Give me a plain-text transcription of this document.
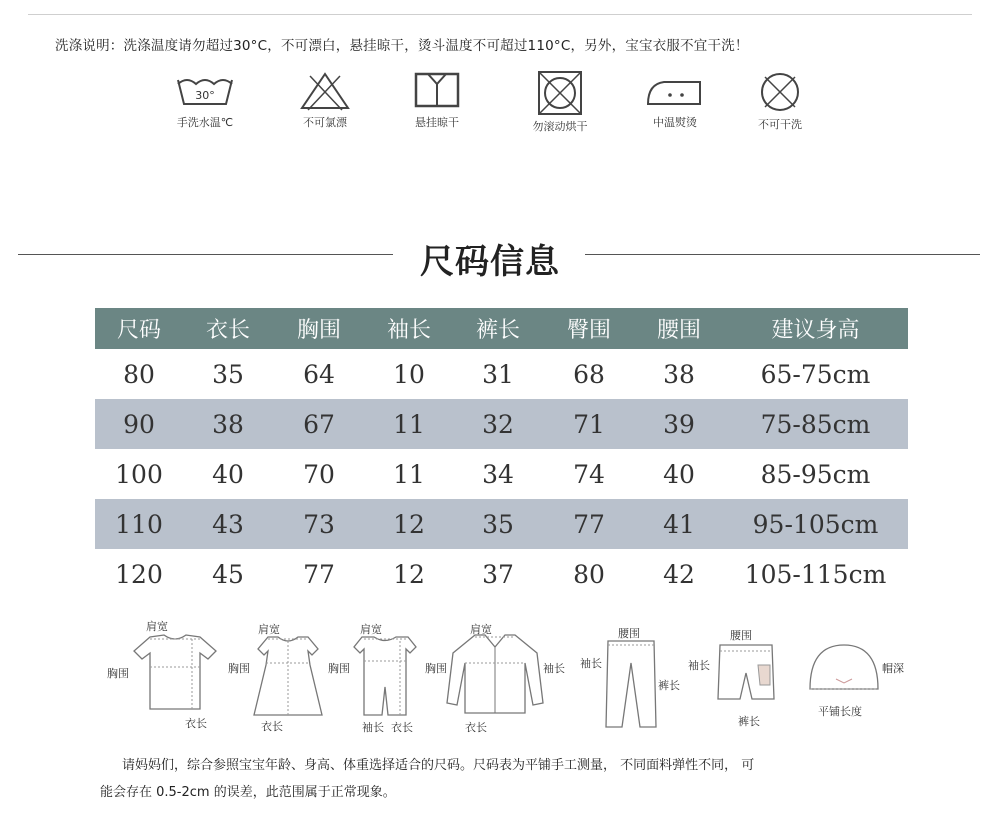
洗涤说明：洗涤温度请勿超过30°C，不可漂白，悬挂晾干，烫斗温度不可超过110°C，另外，宝宝衣服不宜干洗！
30°
手洗水温℃	不可氯漂	悬挂晾干	勿滚动烘干	中温熨烫	不可干洗
尺码信息
尺码	衣长	胸围	袖长	裤长	臀围	腰围	建议身高
80	35	64	10	31	68	38	65-75cm
90	38	67	11	32	71	39	75-85cm
100	40	70	11	34	74	40	85-95cm
110	43	73	12	35	77	41	95-105cm
120	45	77	12	37	80	42	105-115cm
肩宽
胸围
衣长
肩宽
胸围
衣长
肩宽
胸围
袖长 衣长
肩宽
胸围	袖长
衣长
腰围
袖长
裤长
腰围
袖长
裤长
帽深
平铺长度
请妈妈们，综合参照宝宝年龄、身高、体重选择适合的尺码。尺码表为平铺手工测量， 不同面料弹性不同， 可
能会存在 0.5-2cm 的误差，此范围属于正常现象。
